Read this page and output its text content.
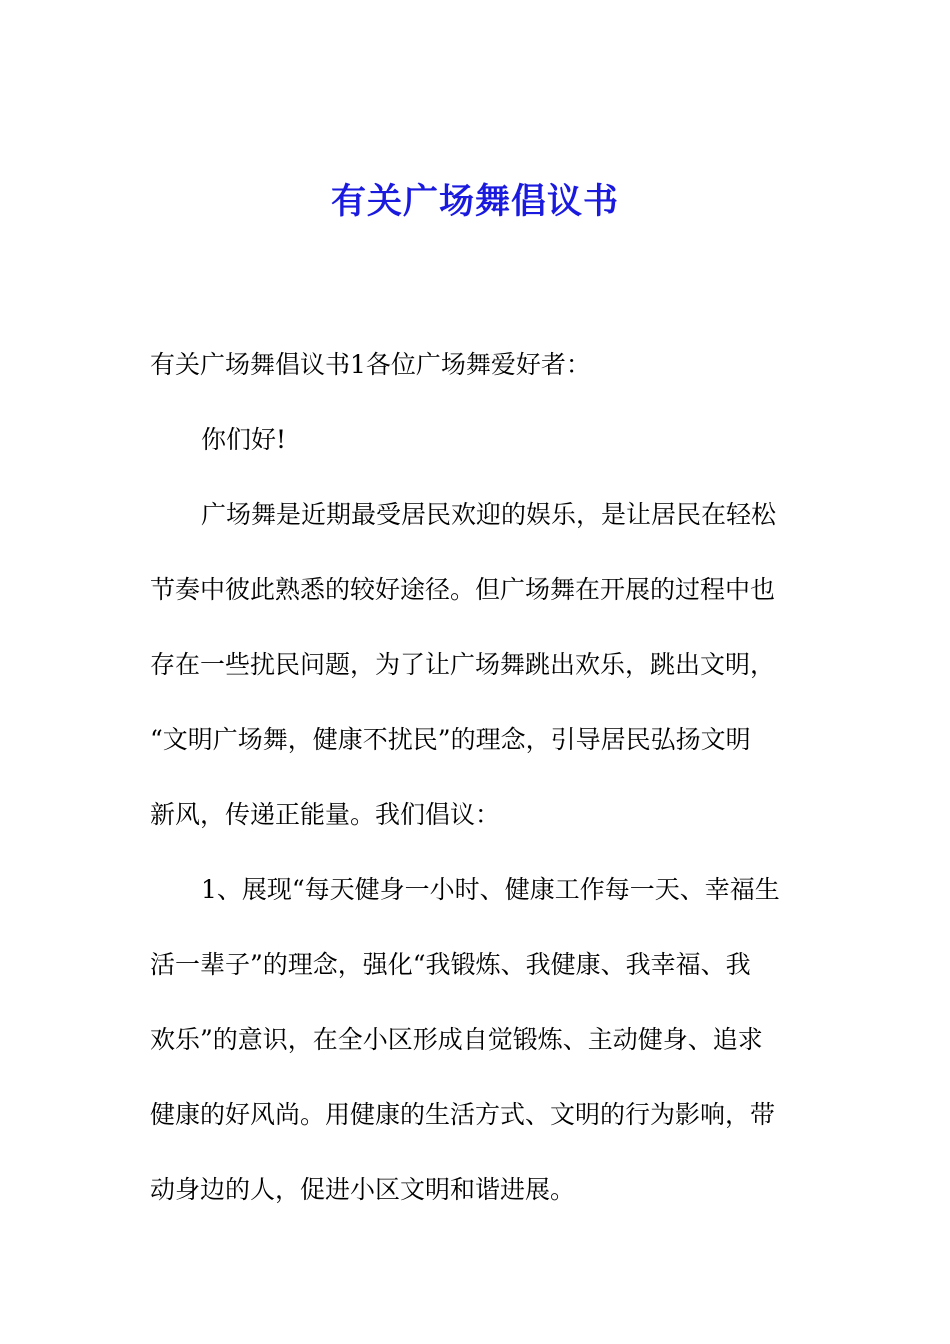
有关广场舞倡议书
有关广场舞倡议书1各位广场舞爱好者：
你们好!
广场舞是近期最受居民欢迎的娱乐，是让居民在轻松
节奏中彼此熟悉的较好途径。但广场舞在开展的过程中也
存在一些扰民问题，为了让广场舞跳出欢乐，跳出文明，
“文明广场舞，健康不扰民”的理念，引导居民弘扬文明
新风，传递正能量。我们倡议：
1、展现“每天健身一小时、健康工作每一天、幸福生
活一辈子”的理念，强化“我锻炼、我健康、我幸福、我
欢乐”的意识，在全小区形成自觉锻炼、主动健身、追求
健康的好风尚。用健康的生活方式、文明的行为影响，带
动身边的人，促进小区文明和谐进展。
